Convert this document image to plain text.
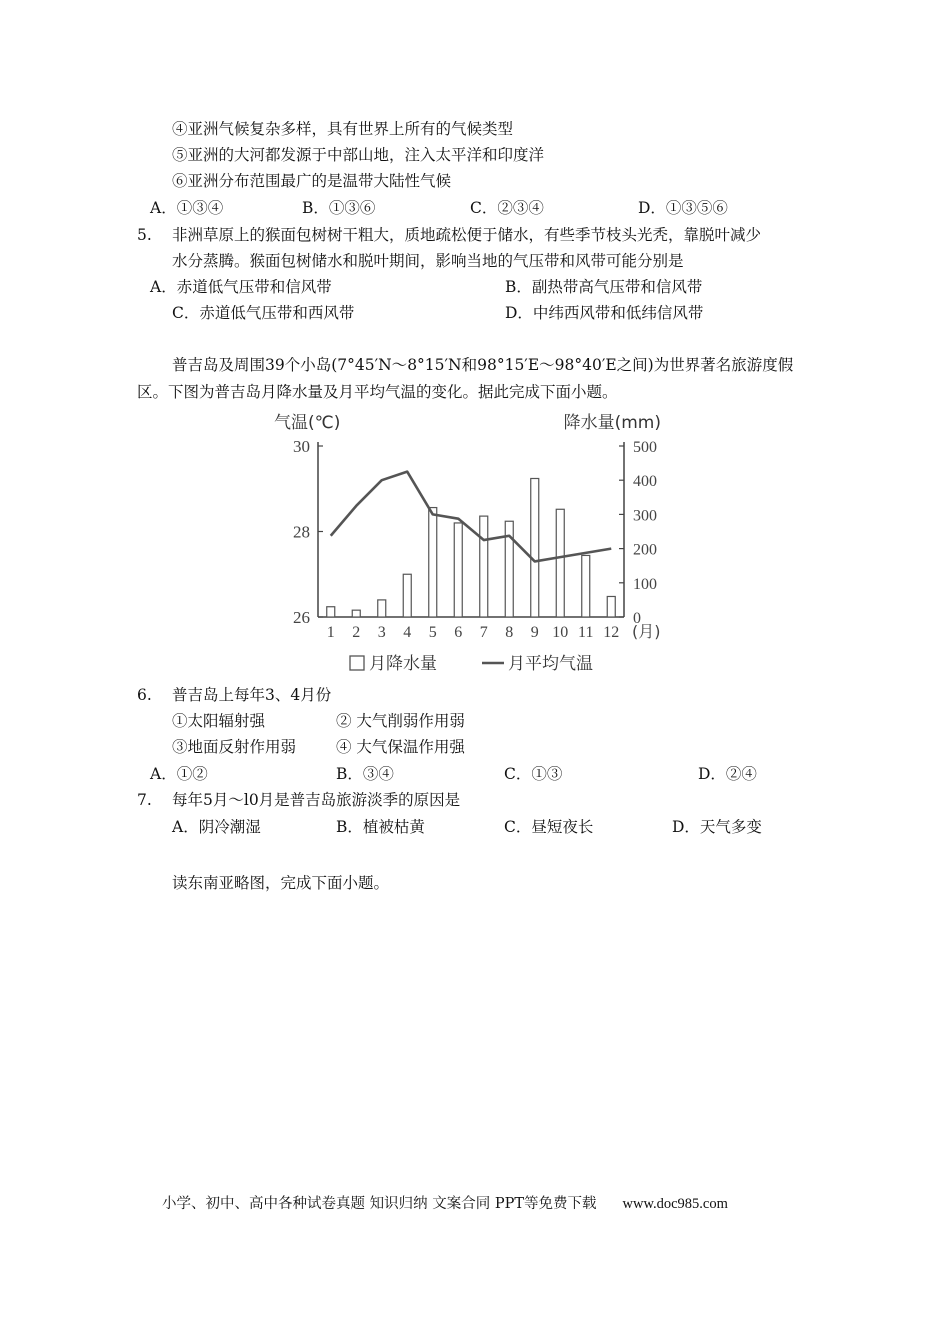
④亚洲气候复杂多样，具有世界上所有的气候类型
⑤亚洲的大河都发源于中部山地，注入太平洋和印度洋
⑥亚洲分布范围最广的是温带大陆性气候
A．①③④	B．①③⑥	C．②③④	D．①③⑤⑥
5. 非洲草原上的猴面包树树干粗大，质地疏松便于储水，有些季节枝头光秃，靠脱叶减少
水分蒸腾。猴面包树储水和脱叶期间，影响当地的气压带和风带可能分别是
A．赤道低气压带和信风带	B．副热带高气压带和信风带
C．赤道低气压带和西风带	D．中纬西风带和低纬信风带
普吉岛及周围39个小岛(7°45′N～8°15′N和98°15′E～98°40′E之间)为世界著名旅游度假
区。下图为普吉岛月降水量及月平均气温的变化。据此完成下面小题。
气温(℃)	降水量(mm)
26
28
30
0
100
200
300
400
500
1 2 3 4 5 6 7 8 9 10 11 12 (月)
月降水量	月平均气温
6. 普吉岛上每年3、4月份
①太阳辐射强	② 大气削弱作用弱
③地面反射作用弱	④ 大气保温作用强
A．①②	B．③④	C．①③	D．②④
7. 每年5月～l0月是普吉岛旅游淡季的原因是
A．阴冷潮湿	B．植被枯黄	C．昼短夜长	D．天气多变
读东南亚略图，完成下面小题。
小学、初中、高中各种试卷真题 知识归纳 文案合同 PPT等免费下载 www.doc985.com
